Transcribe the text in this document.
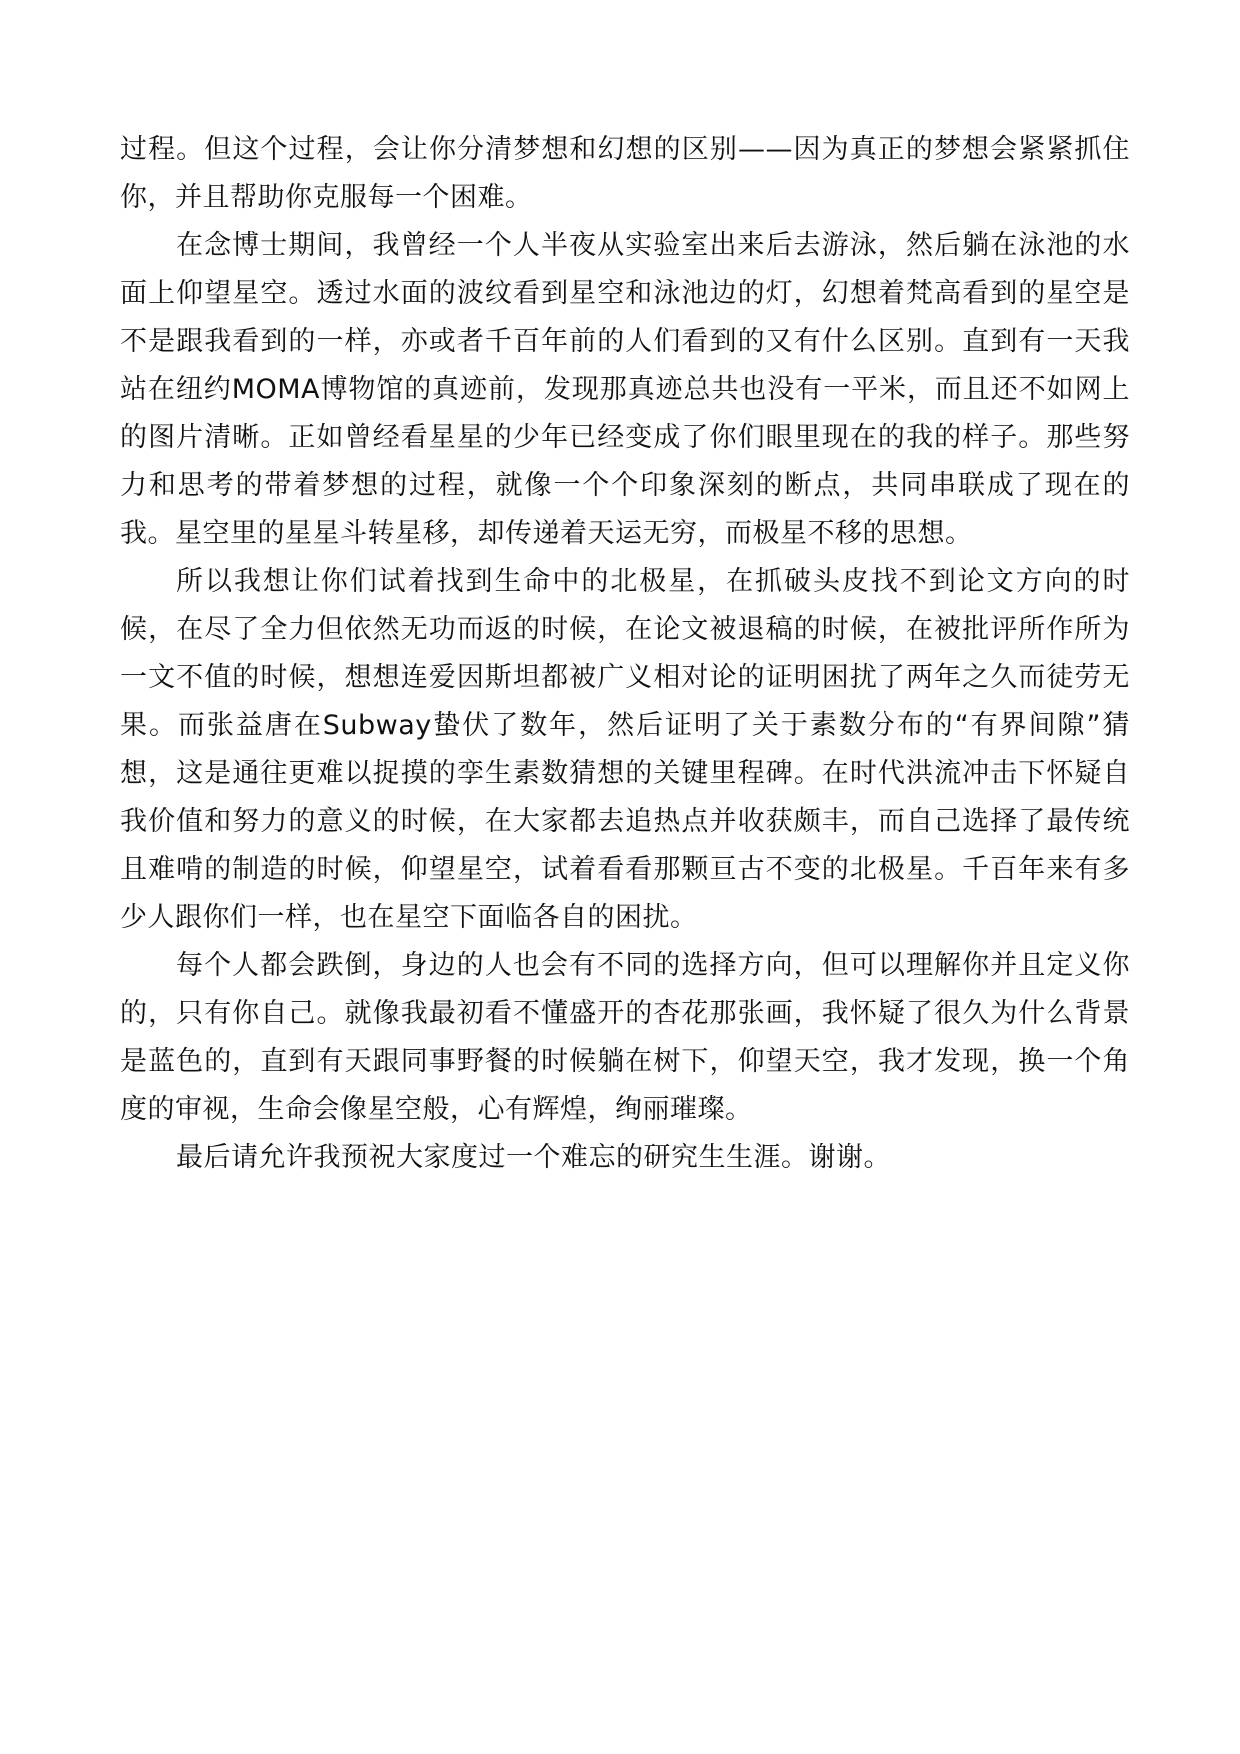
过程。但这个过程，会让你分清梦想和幻想的区别——因为真正的梦想会紧紧抓住你，并且帮助你克服每一个困难。

在念博士期间，我曾经一个人半夜从实验室出来后去游泳，然后躺在泳池的水面上仰望星空。透过水面的波纹看到星空和泳池边的灯，幻想着梵高看到的星空是不是跟我看到的一样，亦或者千百年前的人们看到的又有什么区别。直到有一天我站在纽约MOMA博物馆的真迹前，发现那真迹总共也没有一平米，而且还不如网上的图片清晰。正如曾经看星星的少年已经变成了你们眼里现在的我的样子。那些努力和思考的带着梦想的过程，就像一个个印象深刻的断点，共同串联成了现在的我。星空里的星星斗转星移，却传递着天运无穷，而极星不移的思想。

所以我想让你们试着找到生命中的北极星，在抓破头皮找不到论文方向的时候，在尽了全力但依然无功而返的时候，在论文被退稿的时候，在被批评所作所为一文不值的时候，想想连爱因斯坦都被广义相对论的证明困扰了两年之久而徒劳无果。而张益唐在Subway蛰伏了数年，然后证明了关于素数分布的“有界间隙”猜想，这是通往更难以捉摸的孪生素数猜想的关键里程碑。在时代洪流冲击下怀疑自我价值和努力的意义的时候，在大家都去追热点并收获颇丰，而自己选择了最传统且难啃的制造的时候，仰望星空，试着看看那颗亘古不变的北极星。千百年来有多少人跟你们一样，也在星空下面临各自的困扰。

每个人都会跌倒，身边的人也会有不同的选择方向，但可以理解你并且定义你的，只有你自己。就像我最初看不懂盛开的杏花那张画，我怀疑了很久为什么背景是蓝色的，直到有天跟同事野餐的时候躺在树下，仰望天空，我才发现，换一个角度的审视，生命会像星空般，心有辉煌，绚丽璀璨。

最后请允许我预祝大家度过一个难忘的研究生生涯。谢谢。
